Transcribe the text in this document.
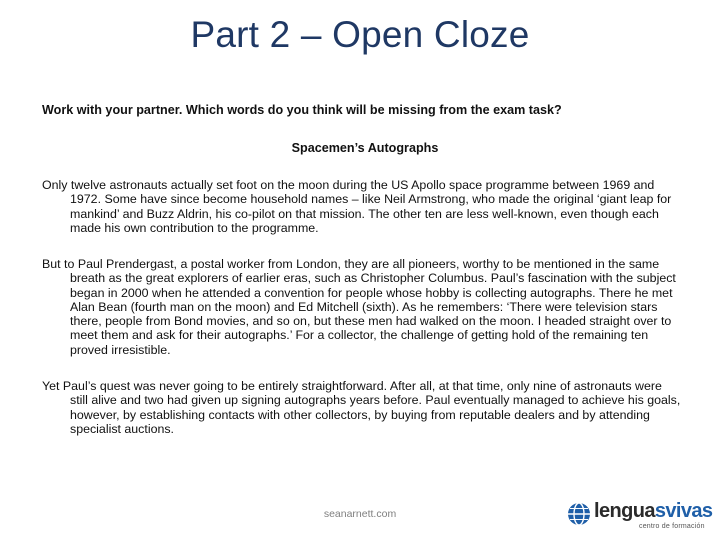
Part 2 – Open Cloze
Work with your partner. Which words do you think will be missing from the exam task?
Spacemen’s Autographs
Only twelve astronauts actually set foot on the moon during the US Apollo space programme between 1969 and 1972. Some have since become household names – like Neil Armstrong, who made the original ‘giant leap for mankind’ and Buzz Aldrin, his co-pilot on that mission. The other ten are less well-known, even though each made his own contribution to the programme.
But to Paul Prendergast, a postal worker from London, they are all pioneers, worthy to be mentioned in the same breath as the great explorers of earlier eras, such as Christopher Columbus. Paul’s fascination with the subject began in 2000 when he attended a convention for people whose hobby is collecting autographs. There he met Alan Bean (fourth man on the moon) and Ed Mitchell (sixth). As he remembers: ‘There were television stars there, people from Bond movies, and so on, but these men had walked on the moon. I headed straight over to meet them and ask for their autographs.’ For a collector, the challenge of getting hold of the remaining ten proved irresistible.
Yet Paul’s quest was never going to be entirely straightforward. After all, at that time, only nine of astronauts were still alive and two had given up signing autographs years before. Paul eventually managed to achieve his goals, however, by establishing contacts with other collectors, by buying from reputable dealers and by attending specialist auctions.
seanarnett.com	lenguasvivas
centro de formación
